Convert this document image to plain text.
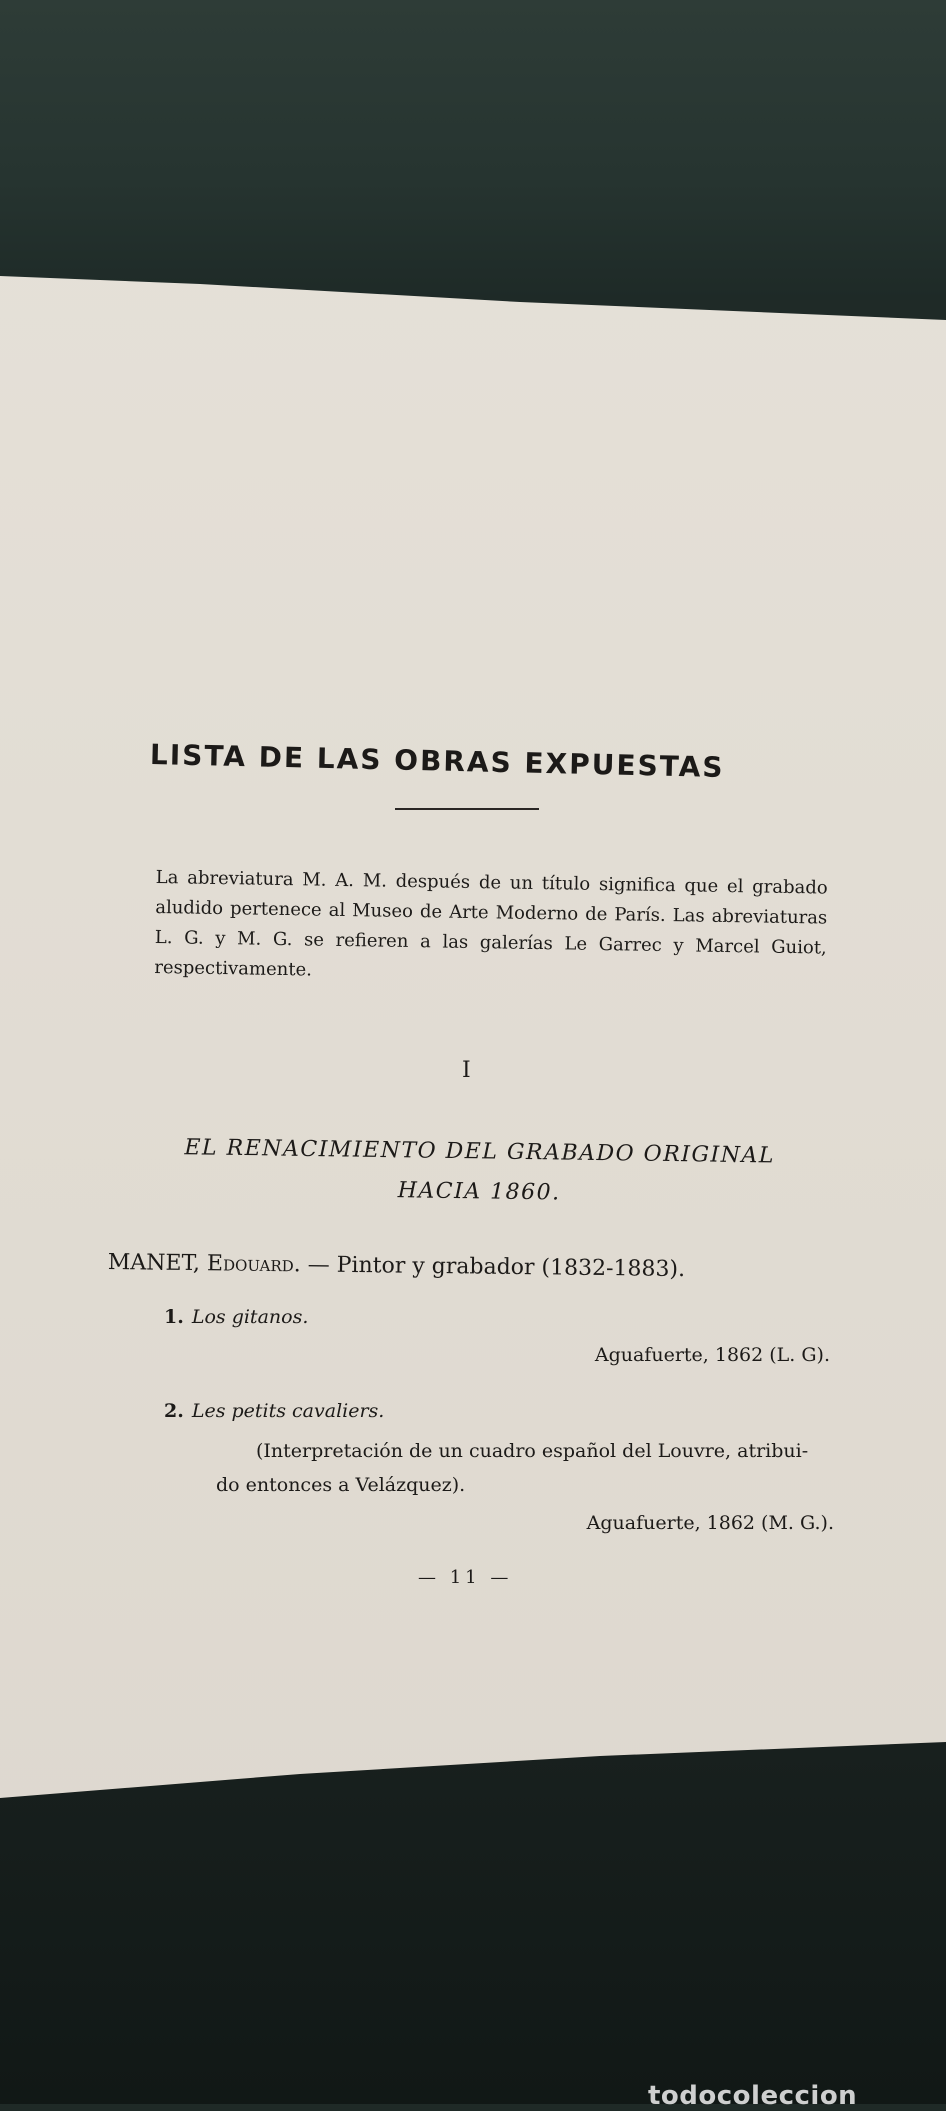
LISTA DE LAS OBRAS EXPUESTAS
La abreviatura M. A. M. después de un título significa que el grabado aludido pertenece al Museo de Arte Moderno de París. Las abreviaturas L. G. y M. G. se refieren a las galerías Le Garrec y Marcel Guiot, respectivamente.
I
EL RENACIMIENTO DEL GRABADO ORIGINAL
HACIA 1860.
MANET, Edouard. — Pintor y grabador (1832-1883).
1. Los gitanos.
Aguafuerte, 1862 (L. G).
2. Les petits cavaliers.
(Interpretación de un cuadro español del Louvre, atribui-
do entonces a Velázquez).
Aguafuerte, 1862 (M. G.).
— 11 —
todocoleccion
